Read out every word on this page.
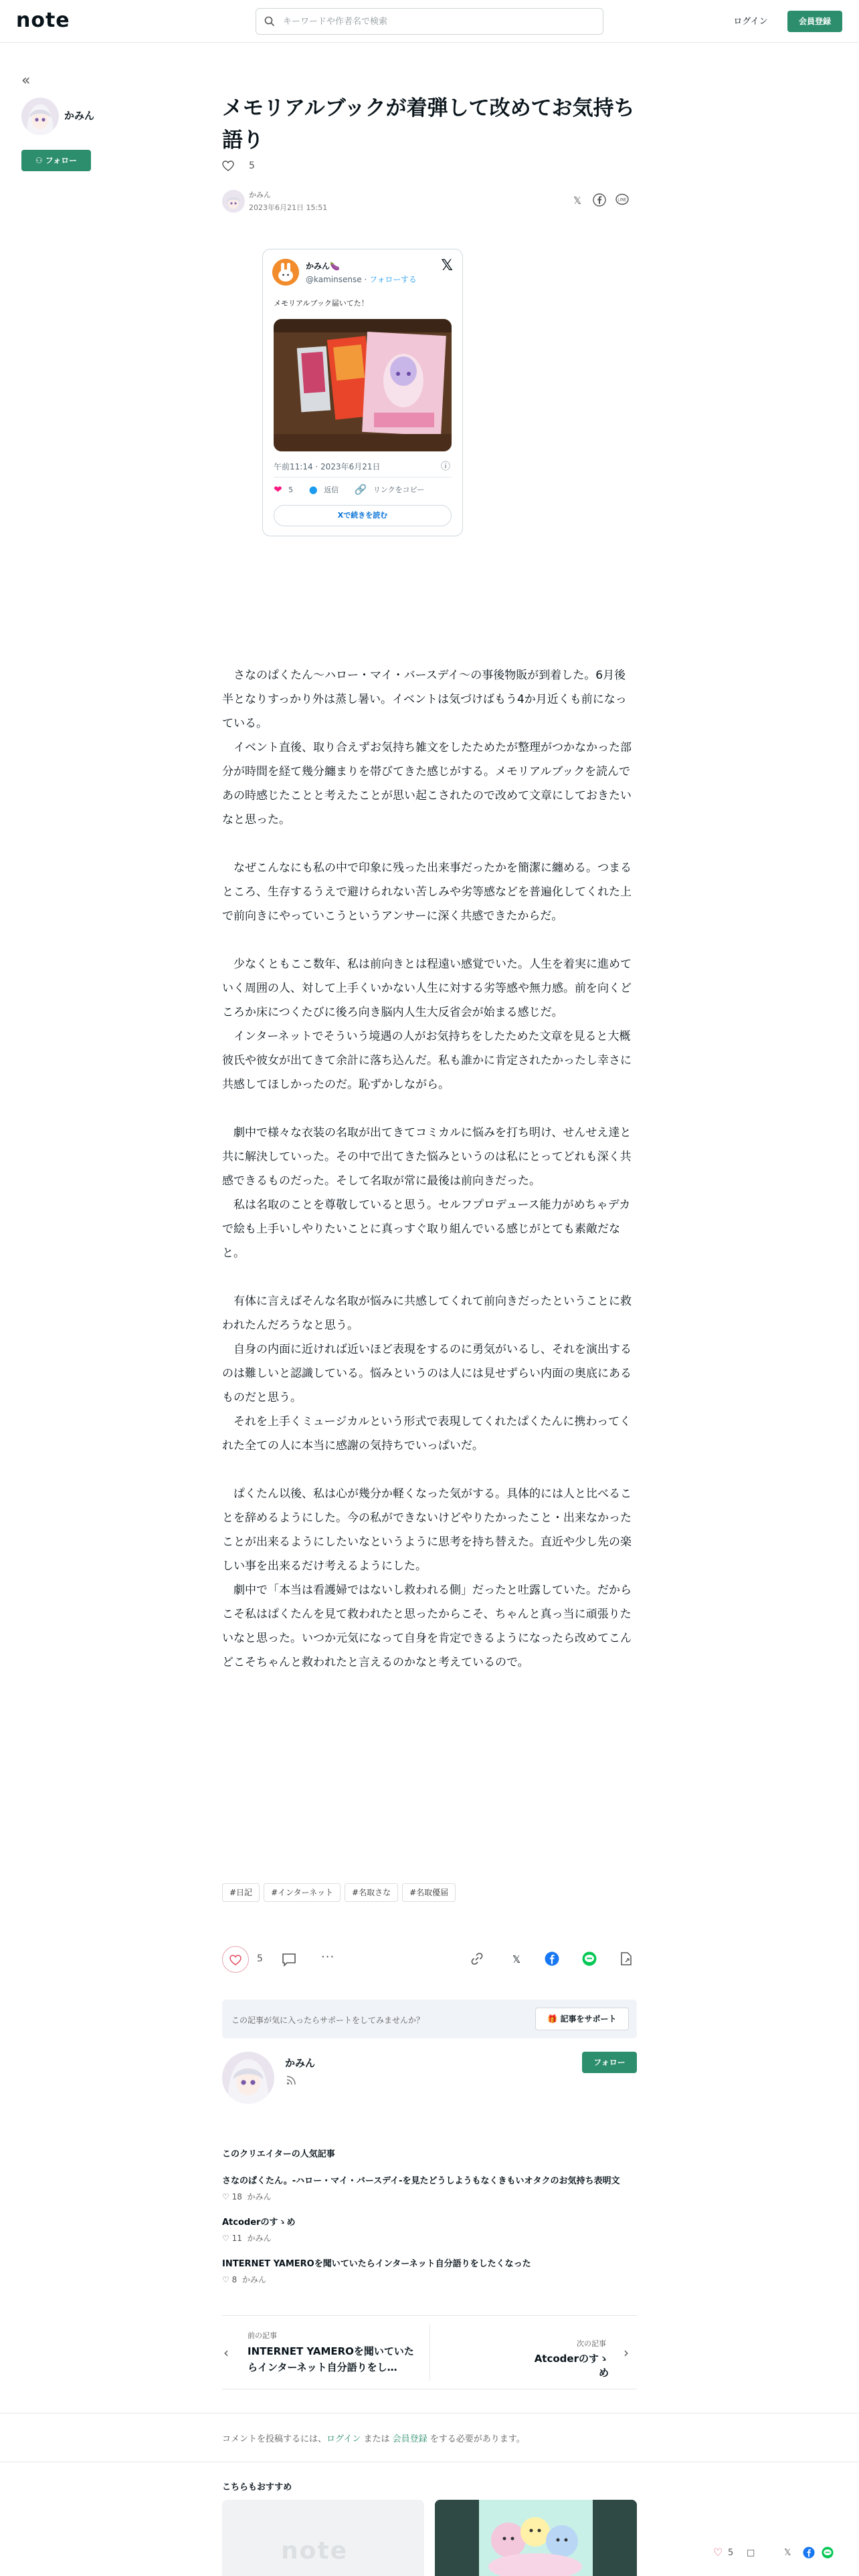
note
キーワードや作者名で検索	ログイン	会員登録
«
かみん
⚇ フォロー
メモリアルブックが着弾して改めてお気持ち語り
5
かみん
2023年6月21日 15:51
𝕏	LINE
かみん🍆
@kaminsense · フォローする
𝕏
メモリアルブック届いてた！
午前11:14 · 2023年6月21日	ⓘ
❤ 5 ● 返信 🔗 リンクをコピー
Xで続きを読む

さなのぱくたん〜ハロー・マイ・バースデイ〜の事後物販が到着した。6月後半となりすっかり外は蒸し暑い。イベントは気づけばもう4か月近くも前になっている。

イベント直後、取り合えずお気持ち雑文をしたためたが整理がつかなかった部分が時間を経て幾分纏まりを帯びてきた感じがする。メモリアルブックを読んであの時感じたことと考えたことが思い起こされたので改めて文章にしておきたいなと思った。

なぜこんなにも私の中で印象に残った出来事だったかを簡潔に纏める。つまるところ、生存するうえで避けられない苦しみや劣等感などを普遍化してくれた上で前向きにやっていこうというアンサーに深く共感できたからだ。

少なくともここ数年、私は前向きとは程遠い感覚でいた。人生を着実に進めていく周囲の人、対して上手くいかない人生に対する劣等感や無力感。前を向くどころか床につくたびに後ろ向き脳内人生大反省会が始まる感じだ。

インターネットでそういう境遇の人がお気持ちをしたためた文章を見ると大概彼氏や彼女が出てきて余計に落ち込んだ。私も誰かに肯定されたかったし幸さに共感してほしかったのだ。恥ずかしながら。

劇中で様々な衣装の名取が出てきてコミカルに悩みを打ち明け、せんせえ達と共に解決していった。その中で出てきた悩みというのは私にとってどれも深く共感できるものだった。そして名取が常に最後は前向きだった。

私は名取のことを尊敬していると思う。セルフプロデュース能力がめちゃデカで絵も上手いしやりたいことに真っすぐ取り組んでいる感じがとても素敵だなと。

有体に言えばそんな名取が悩みに共感してくれて前向きだったということに救われたんだろうなと思う。

自身の内面に近ければ近いほど表現をするのに勇気がいるし、それを演出するのは難しいと認識している。悩みというのは人には見せずらい内面の奥底にあるものだと思う。

それを上手くミュージカルという形式で表現してくれたぱくたんに携わってくれた全ての人に本当に感謝の気持ちでいっぱいだ。

ぱくたん以後、私は心が幾分か軽くなった気がする。具体的には人と比べることを辞めるようにした。今の私ができないけどやりたかったこと・出来なかったことが出来るようにしたいなというように思考を持ち替えた。直近や少し先の楽しい事を出来るだけ考えるようにした。

劇中で「本当は看護婦ではないし救われる側」だったと吐露していた。だからこそ私はぱくたんを見て救われたと思ったからこそ、ちゃんと真っ当に頑張りたいなと思った。いつか元気になって自身を肯定できるようになったら改めてこんどこそちゃんと救われたと言えるのかなと考えているので。

#日記 #インターネット #名取さな #名取優届
5	···	𝕏
この記事が気に入ったらサポートをしてみませんか？	🎁 記事をサポート
かみん	フォロー
このクリエイターの人気記事
さなのぱくたん。-ハロー・マイ・バースデイ-を見たどうしようもなくきもいオタクのお気持ち表明文
♡ 18 かみん
Atcoderのすゝめ
♡ 11 かみん
INTERNET YAMEROを聞いていたらインターネット自分語りをしたくなった
♡ 8 かみん
‹
前の記事
INTERNET YAMEROを聞いていたらインターネット自分語りをし…
次の記事
Atcoderのすゝめ
›
コメントを投稿するには、ログイン または 会員登録 をする必要があります。
こちらもおすすめ
note	♡ 5 □	𝕏
